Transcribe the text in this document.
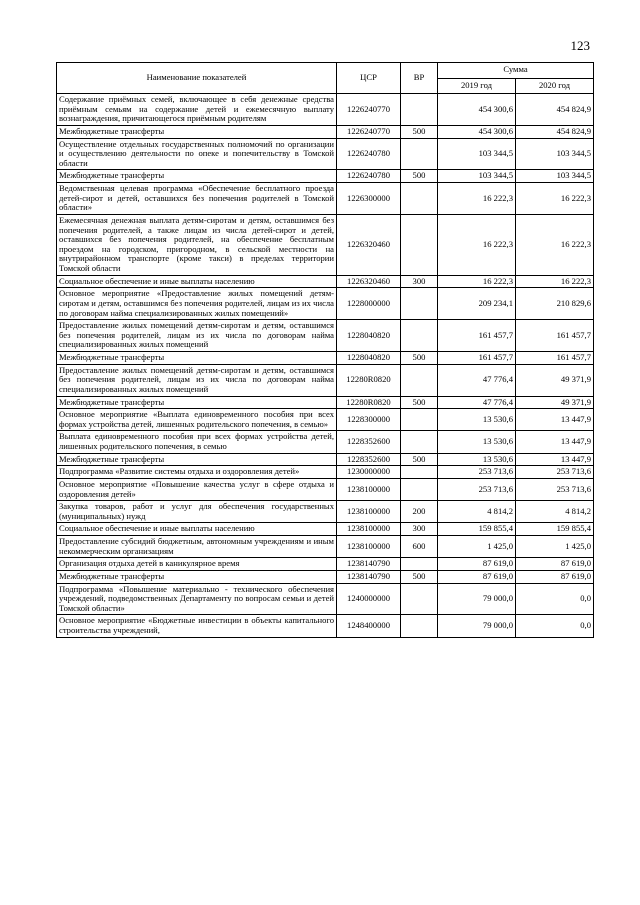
123
Наименование показателей	ЦСР	ВР	Сумма	
			2019 год	2020 год
Содержание приёмных семей, включающее в себя денежные средства приёмным семьям на содержание детей и ежемесячную выплату вознаграждения, причитающегося приёмным родителям	1226240770		454 300,6	454 824,9
Межбюджетные трансферты	1226240770	500	454 300,6	454 824,9
Осуществление отдельных государственных полномочий по организации и осуществлению деятельности по опеке и попечительству в Томской области	1226240780		103 344,5	103 344,5
Межбюджетные трансферты	1226240780	500	103 344,5	103 344,5
Ведомственная целевая программа «Обеспечение бесплатного проезда детей-сирот и детей, оставшихся без попечения родителей в Томской области»	1226300000		16 222,3	16 222,3
Ежемесячная денежная выплата детям-сиротам и детям, оставшимся без попечения родителей, а также лицам из числа детей-сирот и детей, оставшихся без попечения родителей, на обеспечение бесплатным проездом на городском, пригородном, в сельской местности на внутрирайонном транспорте (кроме такси) в пределах территории Томской области	1226320460		16 222,3	16 222,3
Социальное обеспечение и иные выплаты населению	1226320460	300	16 222,3	16 222,3
Основное мероприятие «Предоставление жилых помещений детям-сиротам и детям, оставшимся без попечения родителей, лицам из их числа по договорам найма специализированных жилых помещений»	1228000000		209 234,1	210 829,6
Предоставление жилых помещений детям-сиротам и детям, оставшимся без попечения родителей, лицам из их числа по договорам найма специализированных жилых помещений	1228040820		161 457,7	161 457,7
Межбюджетные трансферты	1228040820	500	161 457,7	161 457,7
Предоставление жилых помещений детям-сиротам и детям, оставшимся без попечения родителей, лицам из их числа по договорам найма специализированных жилых помещений	12280R0820		47 776,4	49 371,9
Межбюджетные трансферты	12280R0820	500	47 776,4	49 371,9
Основное мероприятие «Выплата единовременного пособия при всех формах устройства детей, лишенных родительского попечения, в семью»	1228300000		13 530,6	13 447,9
Выплата единовременного пособия при всех формах устройства детей, лишенных родительского попечения, в семью	1228352600		13 530,6	13 447,9
Межбюджетные трансферты	1228352600	500	13 530,6	13 447,9
Подпрограмма «Развитие системы отдыха и оздоровления детей»	1230000000		253 713,6	253 713,6
Основное мероприятие «Повышение качества услуг в сфере отдыха и оздоровления детей»	1238100000		253 713,6	253 713,6
Закупка товаров, работ и услуг для обеспечения государственных (муниципальных) нужд	1238100000	200	4 814,2	4 814,2
Социальное обеспечение и иные выплаты населению	1238100000	300	159 855,4	159 855,4
Предоставление субсидий бюджетным, автономным учреждениям и иным некоммерческим организациям	1238100000	600	1 425,0	1 425,0
Организация отдыха детей в каникулярное время	1238140790		87 619,0	87 619,0
Межбюджетные трансферты	1238140790	500	87 619,0	87 619,0
Подпрограмма «Повышение материально - технического обеспечения учреждений, подведомственных Департаменту по вопросам семьи и детей Томской области»	1240000000		79 000,0	0,0
Основное мероприятие «Бюджетные инвестиции в объекты капитального строительства учреждений,	1248400000		79 000,0	0,0
